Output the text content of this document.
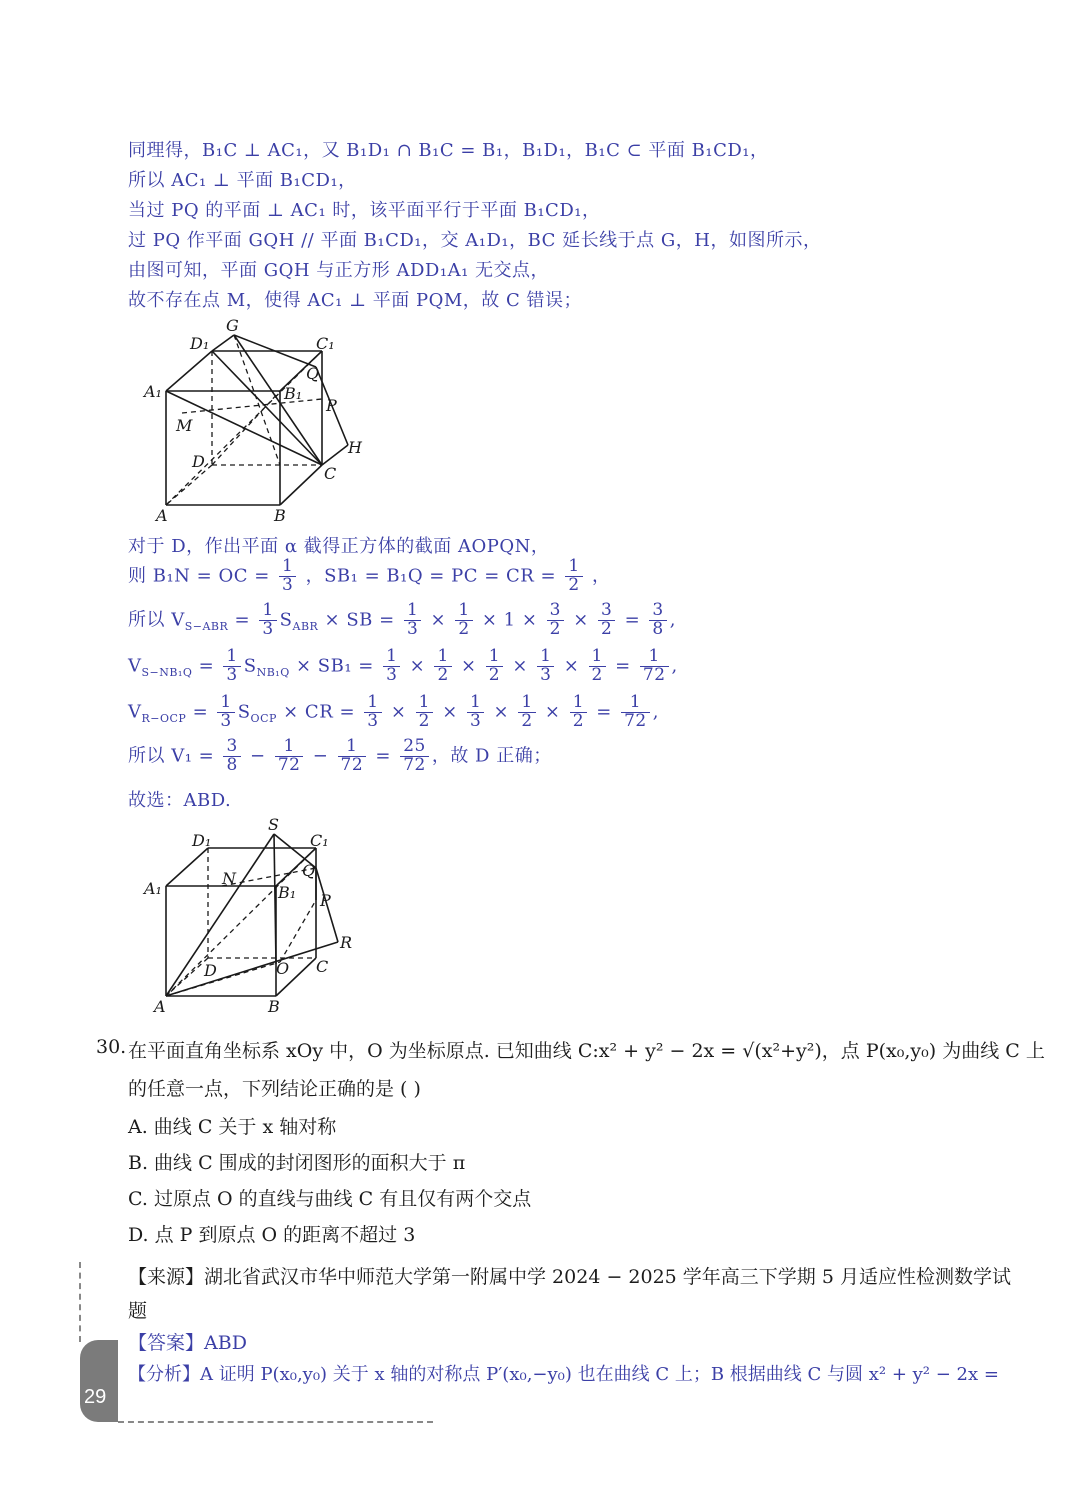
同理得，B₁C ⊥ AC₁，又 B₁D₁ ∩ B₁C = B₁，B₁D₁，B₁C ⊂ 平面 B₁CD₁，
所以 AC₁ ⊥ 平面 B₁CD₁，
当过 PQ 的平面 ⊥ AC₁ 时，该平面平行于平面 B₁CD₁，
过 PQ 作平面 GQH // 平面 B₁CD₁，交 A₁D₁，BC 延长线于点 G，H，如图所示，
由图可知，平面 GQH 与正方形 ADD₁A₁ 无交点，
故不存在点 M，使得 AC₁ ⊥ 平面 PQM，故 C 错误；
G
D₁	C₁
Q
A₁	B₁
P
M
H
D
C
A	B
对于 D，作出平面 α 截得正方体的截面 AOPQN，
则 B₁N = OC = $\frac{1}{3}$ ，SB₁ = B₁Q = PC = CR = $\frac{1}{2}$ ，
所以 $V_{S-ABR} = \frac{1}{3} S_{ABR}$ × SB = $\frac{1}{3} \times \frac{1}{2} \times 1 \times \frac{3}{2} \times \frac{3}{2} = \frac{3}{8}$ ,
$V_{S-NB_1Q} = \frac{1}{3} S_{NB_1Q} \times SB_1 = \frac{1}{3} \times \frac{1}{2} \times \frac{1}{2} \times \frac{1}{3} \times \frac{1}{2} = \frac{1}{72}$ ,
$V_{R-OCP} = \frac{1}{3} S_{OCP}$ × CR = $\frac{1}{3} \times \frac{1}{2} \times \frac{1}{3} \times \frac{1}{2} \times \frac{1}{2} = \frac{1}{72}$ ,
所以 $V_1 = \frac{3}{8} - \frac{1}{72} - \frac{1}{72} = \frac{25}{72}$ ，故 D 正确；
故选：ABD.
S
D₁	C₁
N	Q
A₁	B₁ P
R
D	O C
A	B
30. 在平面直角坐标系 xOy 中，O 为坐标原点. 已知曲线 C:x² + y² − 2x = √(x²+y²)，点 P(x₀,y₀) 为曲线 C 上
的任意一点，下列结论正确的是 ( )
A. 曲线 C 关于 x 轴对称
B. 曲线 C 围成的封闭图形的面积大于 π
C. 过原点 O 的直线与曲线 C 有且仅有两个交点
D. 点 P 到原点 O 的距离不超过 3
【来源】湖北省武汉市华中师范大学第一附属中学 2024 − 2025 学年高三下学期 5 月适应性检测数学试
题
【答案】ABD
【分析】A 证明 P(x₀,y₀) 关于 x 轴的对称点 P′(x₀,−y₀) 也在曲线 C 上；B 根据曲线 C 与圆 x² + y² − 2x =
29
